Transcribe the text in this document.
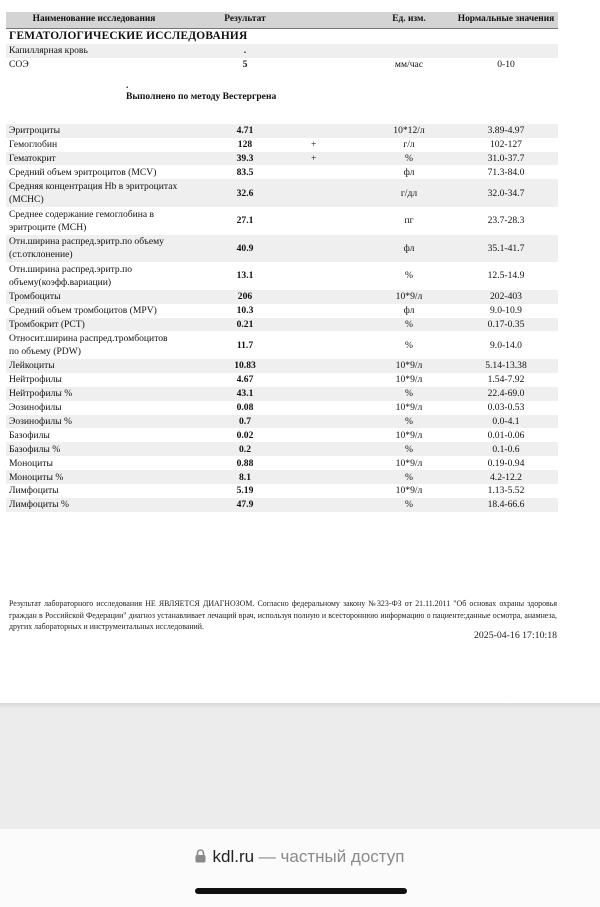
Наименование исследования	Результат		Ед. изм.	Нормальные значения
ГЕМАТОЛОГИЧЕСКИЕ ИССЛЕДОВАНИЯ
Капиллярная кровь	.			
СОЭ	5		мм/час	0-10

.
Выполнено по методу Вестергрена

Эритроциты	4.71		10*12/л	3.89-4.97
Гемоглобин	128	+	г/л	102-127
Гематокрит	39.3	+	%	31.0-37.7
Средний объем эритроцитов (MCV)	83.5		фл	71.3-84.0
Средняя концентрация Hb в эритроцитах (MCHC)	32.6		г/дл	32.0-34.7
Среднее содержание гемоглобина в эритроците (MCH)	27.1		пг	23.7-28.3
Отн.ширина распред.эритр.по объему (ст.отклонение)	40.9		фл	35.1-41.7
Отн.ширина распред.эритр.по объему(коэфф.вариации)	13.1		%	12.5-14.9
Тромбоциты	206		10*9/л	202-403
Средний объем тромбоцитов (MPV)	10.3		фл	9.0-10.9
Тромбокрит (PCT)	0.21		%	0.17-0.35
Относит.ширина распред.тромбоцитов по объему (PDW)	11.7		%	9.0-14.0
Лейкоциты	10.83		10*9/л	5.14-13.38
Нейтрофилы	4.67		10*9/л	1.54-7.92
Нейтрофилы %	43.1		%	22.4-69.0
Эозинофилы	0.08		10*9/л	0.03-0.53
Эозинофилы %	0.7		%	0.0-4.1
Базофилы	0.02		10*9/л	0.01-0.06
Базофилы %	0.2		%	0.1-0.6
Моноциты	0.88		10*9/л	0.19-0.94
Моноциты %	8.1		%	4.2-12.2
Лимфоциты	5.19		10*9/л	1.13-5.52
Лимфоциты %	47.9		%	18.4-66.6
Результат лабораторного исследования НЕ ЯВЛЯЕТСЯ ДИАГНОЗОМ. Согласно федеральному закону №323-ФЗ от 21.11.2011 "Об основах охраны здоровья граждан в Российской Федерации" диагноз устанавливает лечащий врач, используя полную и всестороннюю информацию о пациенте:данные осмотра, анамнеза, других лабораторных и инструментальных исследований.
2025-04-16 17:10:18
kdl.ru — частный доступ
